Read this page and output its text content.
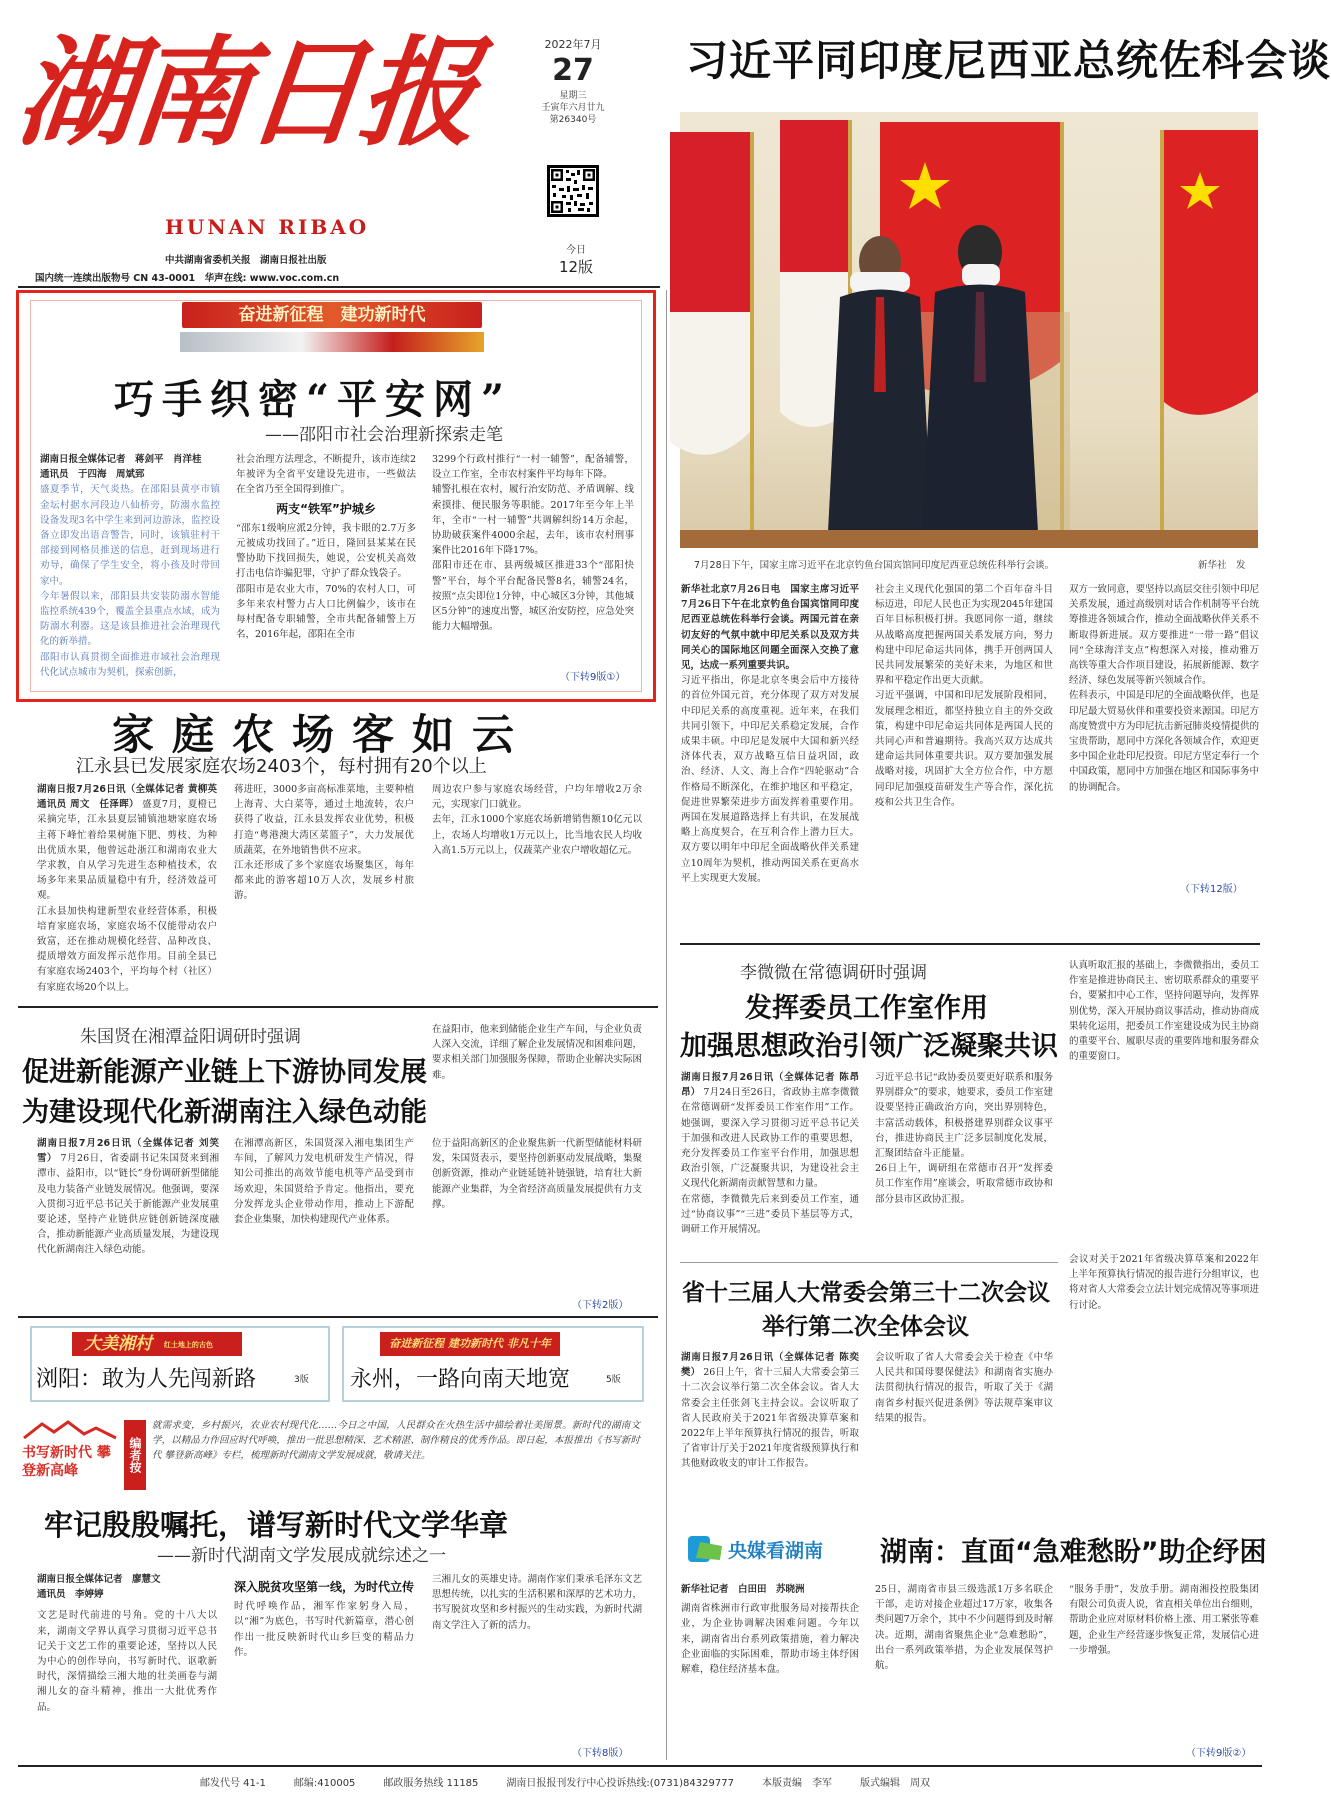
湖南日报
HUNAN RIBAO
2022年7月
27
星期三
壬寅年六月廿九
第26340号
今日
12版
中共湖南省委机关报　湖南日报社出版
国内统一连续出版物号 CN 43-0001　华声在线: www.voc.com.cn
习近平同印度尼西亚总统佐科会谈
7月28日下午，国家主席习近平在北京钓鱼台国宾馆同印度尼西亚总统佐科举行会谈。	新华社　发
新华社北京7月26日电　国家主席习近平7月26日下午在北京钓鱼台国宾馆同印度尼西亚总统佐科举行会谈。两国元首在亲切友好的气氛中就中印尼关系以及双方共同关心的国际地区问题全面深入交换了意见，达成一系列重要共识。
习近平指出，你是北京冬奥会后中方接待的首位外国元首，充分体现了双方对发展中印尼关系的高度重视。近年来，在我们共同引领下，中印尼关系稳定发展，合作成果丰硕。中印尼是发展中大国和新兴经济体代表，双方战略互信日益巩固，政治、经济、人文、海上合作“四轮驱动”合作格局不断深化，在维护地区和平稳定，促进世界繁荣进步方面发挥着重要作用。两国在发展道路选择上有共识，在发展战略上高度契合，在互利合作上潜力巨大。双方要以明年中印尼全面战略伙伴关系建立10周年为契机，推动两国关系在更高水平上实现更大发展。
社会主义现代化强国的第二个百年奋斗目标迈进，印尼人民也正为实现2045年建国百年目标积极打拼。我愿同你一道，继续从战略高度把握两国关系发展方向，努力构建中印尼命运共同体，携手开创两国人民共同发展繁荣的美好未来，为地区和世界和平稳定作出更大贡献。
习近平强调，中国和印尼发展阶段相同，发展理念相近，都坚持独立自主的外交政策，构建中印尼命运共同体是两国人民的共同心声和普遍期待。我高兴双方达成共建命运共同体重要共识。双方要加强发展战略对接，巩固扩大全方位合作，中方愿同印尼加强疫苗研发生产等合作，深化抗疫和公共卫生合作。
双方一致同意，要坚持以高层交往引领中印尼关系发展，通过高级别对话合作机制等平台统筹推进各领域合作，推动全面战略伙伴关系不断取得新进展。双方要推进“一带一路”倡议同“全球海洋支点”构想深入对接，推动雅万高铁等重大合作项目建设，拓展新能源、数字经济、绿色发展等新兴领域合作。
佐科表示，中国是印尼的全面战略伙伴，也是印尼最大贸易伙伴和重要投资来源国。印尼方高度赞赏中方为印尼抗击新冠肺炎疫情提供的宝贵帮助，愿同中方深化各领域合作，欢迎更多中国企业赴印尼投资。印尼方坚定奉行一个中国政策，愿同中方加强在地区和国际事务中的协调配合。
（下转12版）
奋进新征程　建功新时代
巧手织密“平安网”
——邵阳市社会治理新探索走笔
湖南日报全媒体记者　蒋剑平　肖洋桂
通讯员　于四海　周斌郅
盛夏季节，天气炎热。在邵阳县黄亭市镇金坛村据水河段边八仙桥旁，防溺水监控设备发现3名中学生来到河边游泳，监控设备立即发出语音警告，同时，该镇驻村干部接到网格员推送的信息，赶到现场进行劝导，确保了学生安全，将小孩及时带回家中。
今年暑假以来，邵阳县共安装防溺水智能监控系统439个，覆盖全县重点水域，成为防溺水利器。这是该县推进社会治理现代化的新举措。
邵阳市认真贯彻全面推进市域社会治理现代化试点城市为契机，探索创新，
社会治理方法理念，不断提升，该市连续2年被评为全省平安建设先进市，一些做法在全省乃至全国得到推广。
两支“铁军”护城乡
“邵东1级响应派2分钟，我卡眼的2.7万多元被成功找回了。”近日，隆回县某某在民警协助下找回损失，她说，公安机关高效打击电信诈骗犯罪，守护了群众钱袋子。
邵阳市是农业大市，70%的农村人口，可多年来农村警力占人口比例偏少，该市在每村配备专职辅警，全市共配备辅警上万名，2016年起，邵阳在全市
3299个行政村推行“一村一辅警”，配备辅警，设立工作室，全市农村案件平均每年下降。
辅警扎根在农村，履行治安防范、矛盾调解、线索摸排、便民服务等职能。2017年至今年上半年，全市“一村一辅警”共调解纠纷14万余起，协助破获案件4000余起，去年，该市农村刑事案件比2016年下降17%。
邵阳市还在市、县两级城区推进33个“邵阳快警”平台，每个平台配备民警8名，辅警24名，按照“点尖即位1分钟，中心城区3分钟，其他城区5分钟”的速度出警，城区治安防控，应急处突能力大幅增强。
（下转9版①）
家庭农场客如云
江永县已发展家庭农场2403个，每村拥有20个以上
湖南日报7月26日讯（全媒体记者 黄柳英　通讯员 周文　任泽晖） 盛夏7月，夏橙已采摘完毕，江永县夏层铺镇池塘家庭农场主蒋下峰忙着给果树施下肥、剪枝、为种出优质水果，他曾远赴浙江和湖南农业大学求教，自从学习先进生态种植技术，农场多年来果品质量稳中有升，经济效益可观。
江永县加快构建新型农业经营体系，积极培育家庭农场，家庭农场不仅能带动农户致富，还在推动规模化经营、品种改良、提质增效方面发挥示范作用。目前全县已有家庭农场2403个，平均每个村（社区）有家庭农场20个以上。
蒋进旺，3000多亩高标准菜地，主要种植上海青、大白菜等，通过土地流转，农户获得了收益，江永县发挥农业优势，积极打造“粤港澳大湾区菜篮子”，大力发展优质蔬菜，在外地销售供不应求。
江永还形成了多个家庭农场聚集区，每年都来此的游客超10万人次，发展乡村旅游。
周边农户参与家庭农场经营，户均年增收2万余元，实现家门口就业。
去年，江永1000个家庭农场新增销售额10亿元以上，农场人均增收1万元以上，比当地农民人均收入高1.5万元以上，仅蔬菜产业农户增收超亿元。
朱国贤在湘潭益阳调研时强调
促进新能源产业链上下游协同发展
为建设现代化新湖南注入绿色动能
湖南日报7月26日讯（全媒体记者 刘笑雪） 7月26日，省委副书记朱国贤来到湘潭市、益阳市，以“链长”身份调研新型储能及电力装备产业链发展情况。他强调，要深入贯彻习近平总书记关于新能源产业发展重要论述，坚持产业链供应链创新链深度融合，推动新能源产业高质量发展，为建设现代化新湖南注入绿色动能。
在湘潭高新区，朱国贤深入湘电集团生产车间，了解风力发电机研发生产情况，得知公司推出的高效节能电机等产品受到市场欢迎，朱国贤给予肯定。他指出，要充分发挥龙头企业带动作用，推动上下游配套企业集聚，加快构建现代产业体系。
在益阳市，他来到储能企业生产车间，与企业负责人深入交流，详细了解企业发展情况和困难问题，要求相关部门加强服务保障，帮助企业解决实际困难。
位于益阳高新区的企业聚焦新一代新型储能材料研发，朱国贤表示，要坚持创新驱动发展战略，集聚创新资源，推动产业链延链补链强链，培育壮大新能源产业集群，为全省经济高质量发展提供有力支撑。
（下转2版）
大美湘村 红土地上的古色
浏阳：敢为人先闯新路	3版
奋进新征程 建功新时代 非凡十年
永州，一路向南天地宽	5版
书写新时代 攀登新高峰	编者按
就需求变，乡村振兴，农业农村现代化……今日之中国，人民群众在火热生活中描绘着壮美图景。新时代的湖南文学，以精品力作回应时代呼唤，推出一批思想精深、艺术精湛、制作精良的优秀作品。即日起，本报推出《书写新时代 攀登新高峰》专栏，梳理新时代湖南文学发展成就，敬请关注。
牢记殷殷嘱托，谱写新时代文学华章
——新时代湖南文学发展成就综述之一
湖南日报全媒体记者　廖慧文
通讯员　李婷婷
文艺是时代前进的号角。党的十八大以来，湖南文学界认真学习贯彻习近平总书记关于文艺工作的重要论述，坚持以人民为中心的创作导向，书写新时代、讴歌新时代，深情描绘三湘大地的壮美画卷与湖湘儿女的奋斗精神，推出一大批优秀作品。
深入脱贫攻坚第一线，为时代立传
时代呼唤作品，湘军作家躬身入局，以“湘”为底色，书写时代新篇章，潜心创作出一批反映新时代山乡巨变的精品力作。
三湘儿女的英雄史诗。湖南作家们秉承毛泽东文艺思想传统，以扎实的生活积累和深厚的艺术功力，书写脱贫攻坚和乡村振兴的生动实践，为新时代湖南文学注入了新的活力。
（下转8版）
李微微在常德调研时强调
发挥委员工作室作用
加强思想政治引领广泛凝聚共识
湖南日报7月26日讯（全媒体记者 陈昂昂） 7月24日至26日，省政协主席李微微在常德调研“发挥委员工作室作用”工作。她强调，要深入学习贯彻习近平总书记关于加强和改进人民政协工作的重要思想，充分发挥委员工作室平台作用，加强思想政治引领，广泛凝聚共识，为建设社会主义现代化新湖南贡献智慧和力量。
在常德，李微微先后来到委员工作室，通过“协商议事”“三进”委员下基层等方式，调研工作开展情况。
习近平总书记“政协委员要更好联系和服务界别群众”的要求，她要求，委员工作室建设要坚持正确政治方向，突出界别特色，丰富活动载体，积极搭建界别群众议事平台，推进协商民主广泛多层制度化发展，汇聚团结奋斗正能量。
26日上午，调研组在常德市召开“发挥委员工作室作用”座谈会，听取常德市政协和部分县市区政协汇报。
认真听取汇报的基础上，李微微指出，委员工作室是推进协商民主、密切联系群众的重要平台，要紧扣中心工作，坚持问题导向，发挥界别优势，深入开展协商议事活动，推动协商成果转化运用，把委员工作室建设成为民主协商的重要平台、履职尽责的重要阵地和服务群众的重要窗口。
省十三届人大常委会第三十二次会议
举行第二次全体会议
湖南日报7月26日讯（全媒体记者 陈奕樊） 26日上午，省十三届人大常委会第三十二次会议举行第二次全体会议。省人大常委会主任张剑飞主持会议。会议听取了省人民政府关于2021年省级决算草案和2022年上半年预算执行情况的报告，听取了省审计厅关于2021年度省级预算执行和其他财政收支的审计工作报告。
会议听取了省人大常委会关于检查《中华人民共和国母婴保健法》和湖南省实施办法贯彻执行情况的报告，听取了关于《湖南省乡村振兴促进条例》等法规草案审议结果的报告。
会议对关于2021年省级决算草案和2022年上半年预算执行情况的报告进行分组审议，也将对省人大常委会立法计划完成情况等事项进行讨论。
央媒看湖南 湖南：直面“急难愁盼”助企纾困
新华社记者　白田田　苏晓洲
湖南省株洲市行政审批服务局对接帮扶企业，为企业协调解决困难问题。今年以来，湖南省出台系列政策措施，着力解决企业面临的实际困难，帮助市场主体纾困解难，稳住经济基本盘。
25日，湖南省市县三级选派1万多名联企干部，走访对接企业超过17万家，收集各类问题7万余个，其中不少问题得到及时解决。近期，湖南省聚焦企业“急难愁盼”，出台一系列政策举措，为企业发展保驾护航。
“服务手册”，发放手册。湖南湘投控股集团有限公司负责人说，省直相关单位出台细则，帮助企业应对原材料价格上涨、用工紧张等难题，企业生产经营逐步恢复正常，发展信心进一步增强。
（下转9版②）
邮发代号 41-1	邮编:410005	邮政服务热线 11185	湖南日报报刊发行中心投诉热线:(0731)84329777	本版责编　李军	版式编辑　周双
